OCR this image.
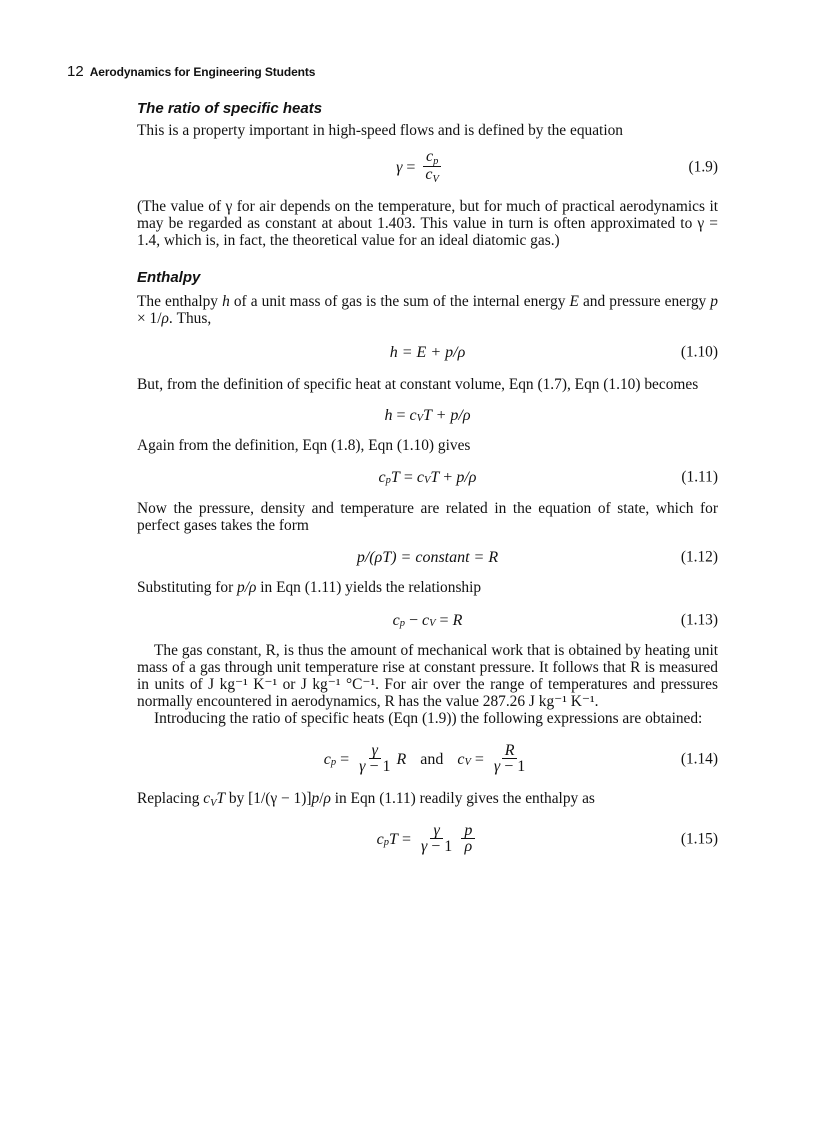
12 Aerodynamics for Engineering Students
The ratio of specific heats

This is a property important in high-speed flows and is defined by the equation

$\gamma = \frac{cp}{cV}$	(1.9)

(The value of γ for air depends on the temperature, but for much of practical aerodynamics it may be regarded as constant at about 1.403. This value in turn is often approximated to γ = 1.4, which is, in fact, the theoretical value for an ideal diatomic gas.)

Enthalpy

The enthalpy h of a unit mass of gas is the sum of the internal energy E and pressure energy p × 1/ρ. Thus,

h = E + p/ρ	(1.10)

But, from the definition of specific heat at constant volume, Eqn (1.7), Eqn (1.10) becomes

h = c V T + p/ρ

Again from the definition, Eqn (1.8), Eqn (1.10) gives

c p T = c V T + p/ρ	(1.11)

Now the pressure, density and temperature are related in the equation of state, which for perfect gases takes the form

p/(ρT) = constant = R	(1.12)

Substituting for p/ρ in Eqn (1.11) yields the relationship

c p − c V = R	(1.13)

The gas constant, R, is thus the amount of mechanical work that is obtained by heating unit mass of a gas through unit temperature rise at constant pressure. It follows that R is measured in units of J kg⁻¹ K⁻¹ or J kg⁻¹ °C⁻¹. For air over the range of temperatures and pressures normally encountered in aerodynamics, R has the value 287.26 J kg⁻¹ K⁻¹.

Introducing the ratio of specific heats (Eqn (1.9)) the following expressions are obtained:

c $p = \frac{\gamma}{\gamma - 1}$ R and c $V = \frac{R}{\gamma - 1}$	(1.14)

Replacing cVT by [1/(γ − 1)]p/ρ in Eqn (1.11) readily gives the enthalpy as

c p $T = \frac{\gamma}{\gamma - 1} \frac{p}{\rho}$	(1.15)
